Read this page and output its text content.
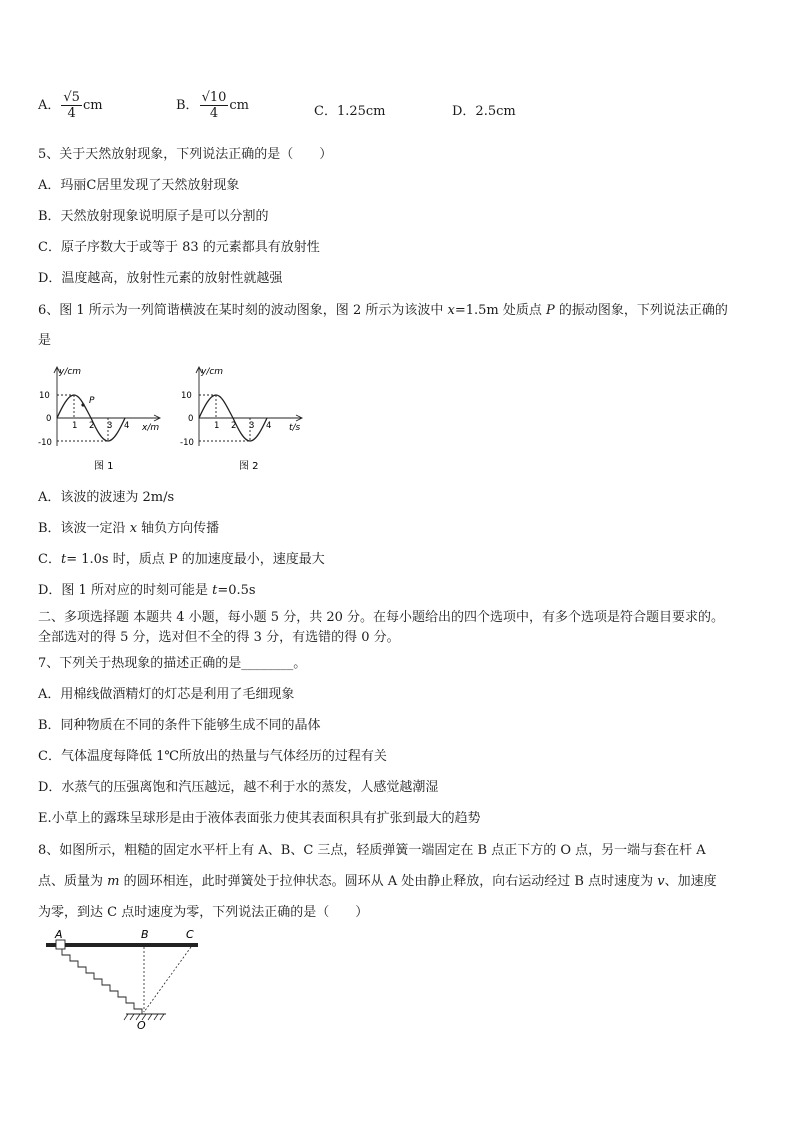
A． $\frac{√5}{4}$ cm	B． $\frac{√10}{4}$ cm	C．1.25cm	D．2.5cm
5、关于天然放射现象，下列说法正确的是（　　）
A．玛丽C居里发现了天然放射现象
B．天然放射现象说明原子是可以分割的
C．原子序数大于或等于 83 的元素都具有放射性
D．温度越高，放射性元素的放射性就越强
6、图 1 所示为一列简谐横波在某时刻的波动图象，图 2 所示为该波中 x=1.5m 处质点 P 的振动图象，下列说法正确的
是
y/cm
10
0
-10
1 2 3 4
P
x/m
图 1
y/cm
10
0
-10
1 2 3 4 t/s
图 2
A．该波的波速为 2m/s
B．该波一定沿 x 轴负方向传播
C．t= 1.0s 时，质点 P 的加速度最小，速度最大
D．图 1 所对应的时刻可能是 t=0.5s
二、多项选择题 本题共 4 小题，每小题 5 分，共 20 分。在每小题给出的四个选项中，有多个选项是符合题目要求的。
全部选对的得 5 分，选对但不全的得 3 分，有选错的得 0 分。
7、下列关于热现象的描述正确的是________。
A．用棉线做酒精灯的灯芯是利用了毛细现象
B．同种物质在不同的条件下能够生成不同的晶体
C．气体温度每降低 1℃所放出的热量与气体经历的过程有关
D．水蒸气的压强离饱和汽压越远，越不利于水的蒸发，人感觉越潮湿
E.小草上的露珠呈球形是由于液体表面张力使其表面积具有扩张到最大的趋势
8、如图所示，粗糙的固定水平杆上有 A、B、C 三点，轻质弹簧一端固定在 B 点正下方的 O 点，另一端与套在杆 A
点、质量为 m 的圆环相连，此时弹簧处于拉伸状态。圆环从 A 处由静止释放，向右运动经过 B 点时速度为 v、加速度
为零，到达 C 点时速度为零，下列说法正确的是（　　）
A	B	C
O
